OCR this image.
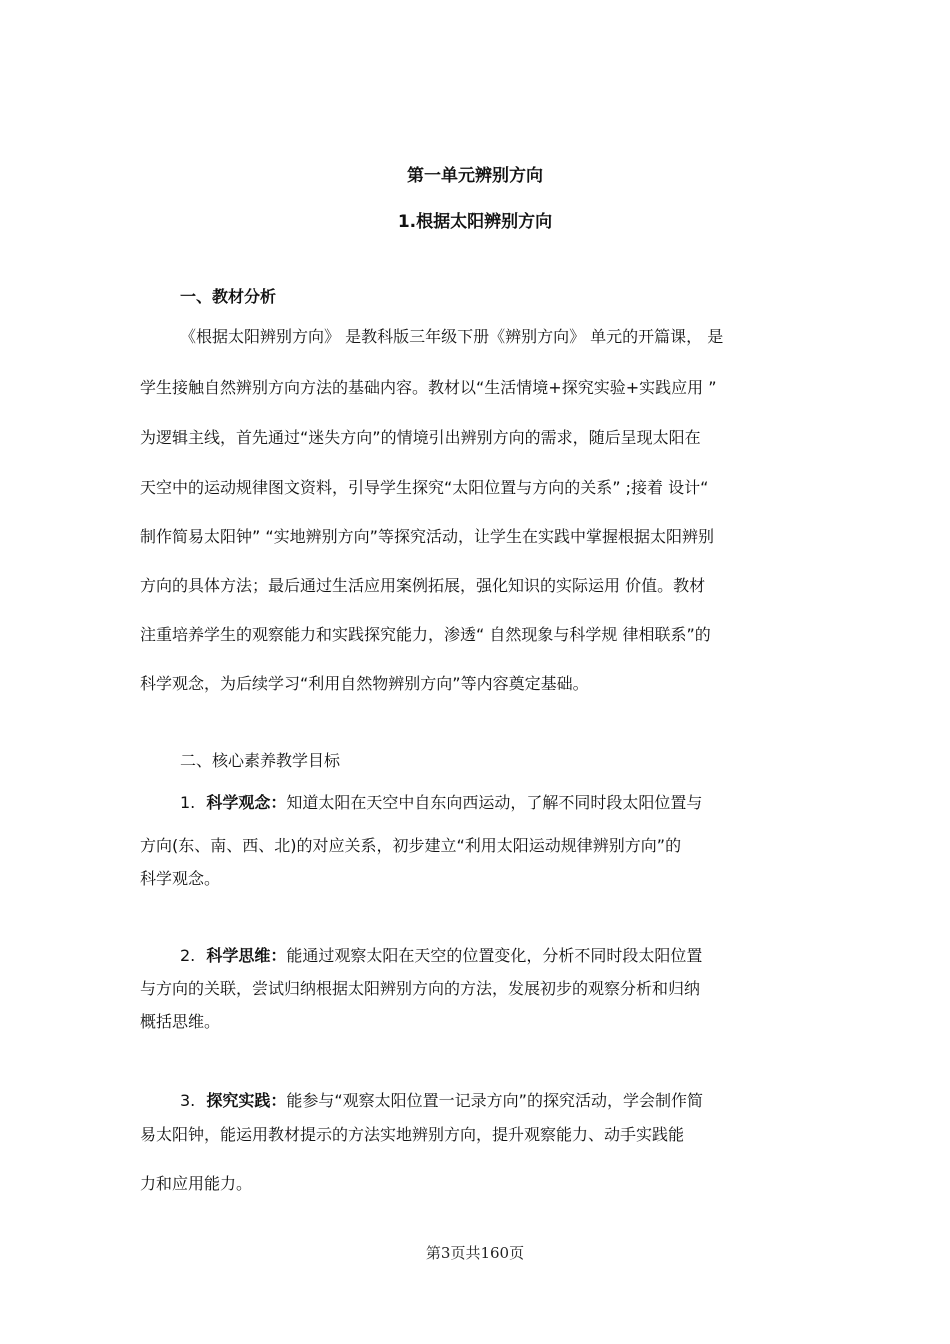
第一单元辨别方向
1.根据太阳辨别方向
一、教材分析
《根据太阳辨别方向》 是教科版三年级下册《辨别方向》 单元的开篇课， 是
学生接触自然辨别方向方法的基础内容。教材以“生活情境+探究实验+实践应用 ”
为逻辑主线，首先通过“迷失方向”的情境引出辨别方向的需求，随后呈现太阳在
天空中的运动规律图文资料，引导学生探究“太阳位置与方向的关系” ;接着 设计“
制作简易太阳钟” “实地辨别方向”等探究活动，让学生在实践中掌握根据太阳辨别
方向的具体方法；最后通过生活应用案例拓展，强化知识的实际运用 价值。教材
注重培养学生的观察能力和实践探究能力，渗透“ 自然现象与科学规 律相联系”的
科学观念，为后续学习“利用自然物辨别方向”等内容奠定基础。
二、核心素养教学目标
1. 科学观念：知道太阳在天空中自东向西运动，了解不同时段太阳位置与
方向(东、南、西、北)的对应关系，初步建立“利用太阳运动规律辨别方向”的
科学观念。
2. 科学思维：能通过观察太阳在天空的位置变化，分析不同时段太阳位置
与方向的关联，尝试归纳根据太阳辨别方向的方法，发展初步的观察分析和归纳
概括思维。
3. 探究实践：能参与“观察太阳位置一记录方向”的探究活动，学会制作简
易太阳钟，能运用教材提示的方法实地辨别方向，提升观察能力、动手实践能
力和应用能力。
第3页共160页
